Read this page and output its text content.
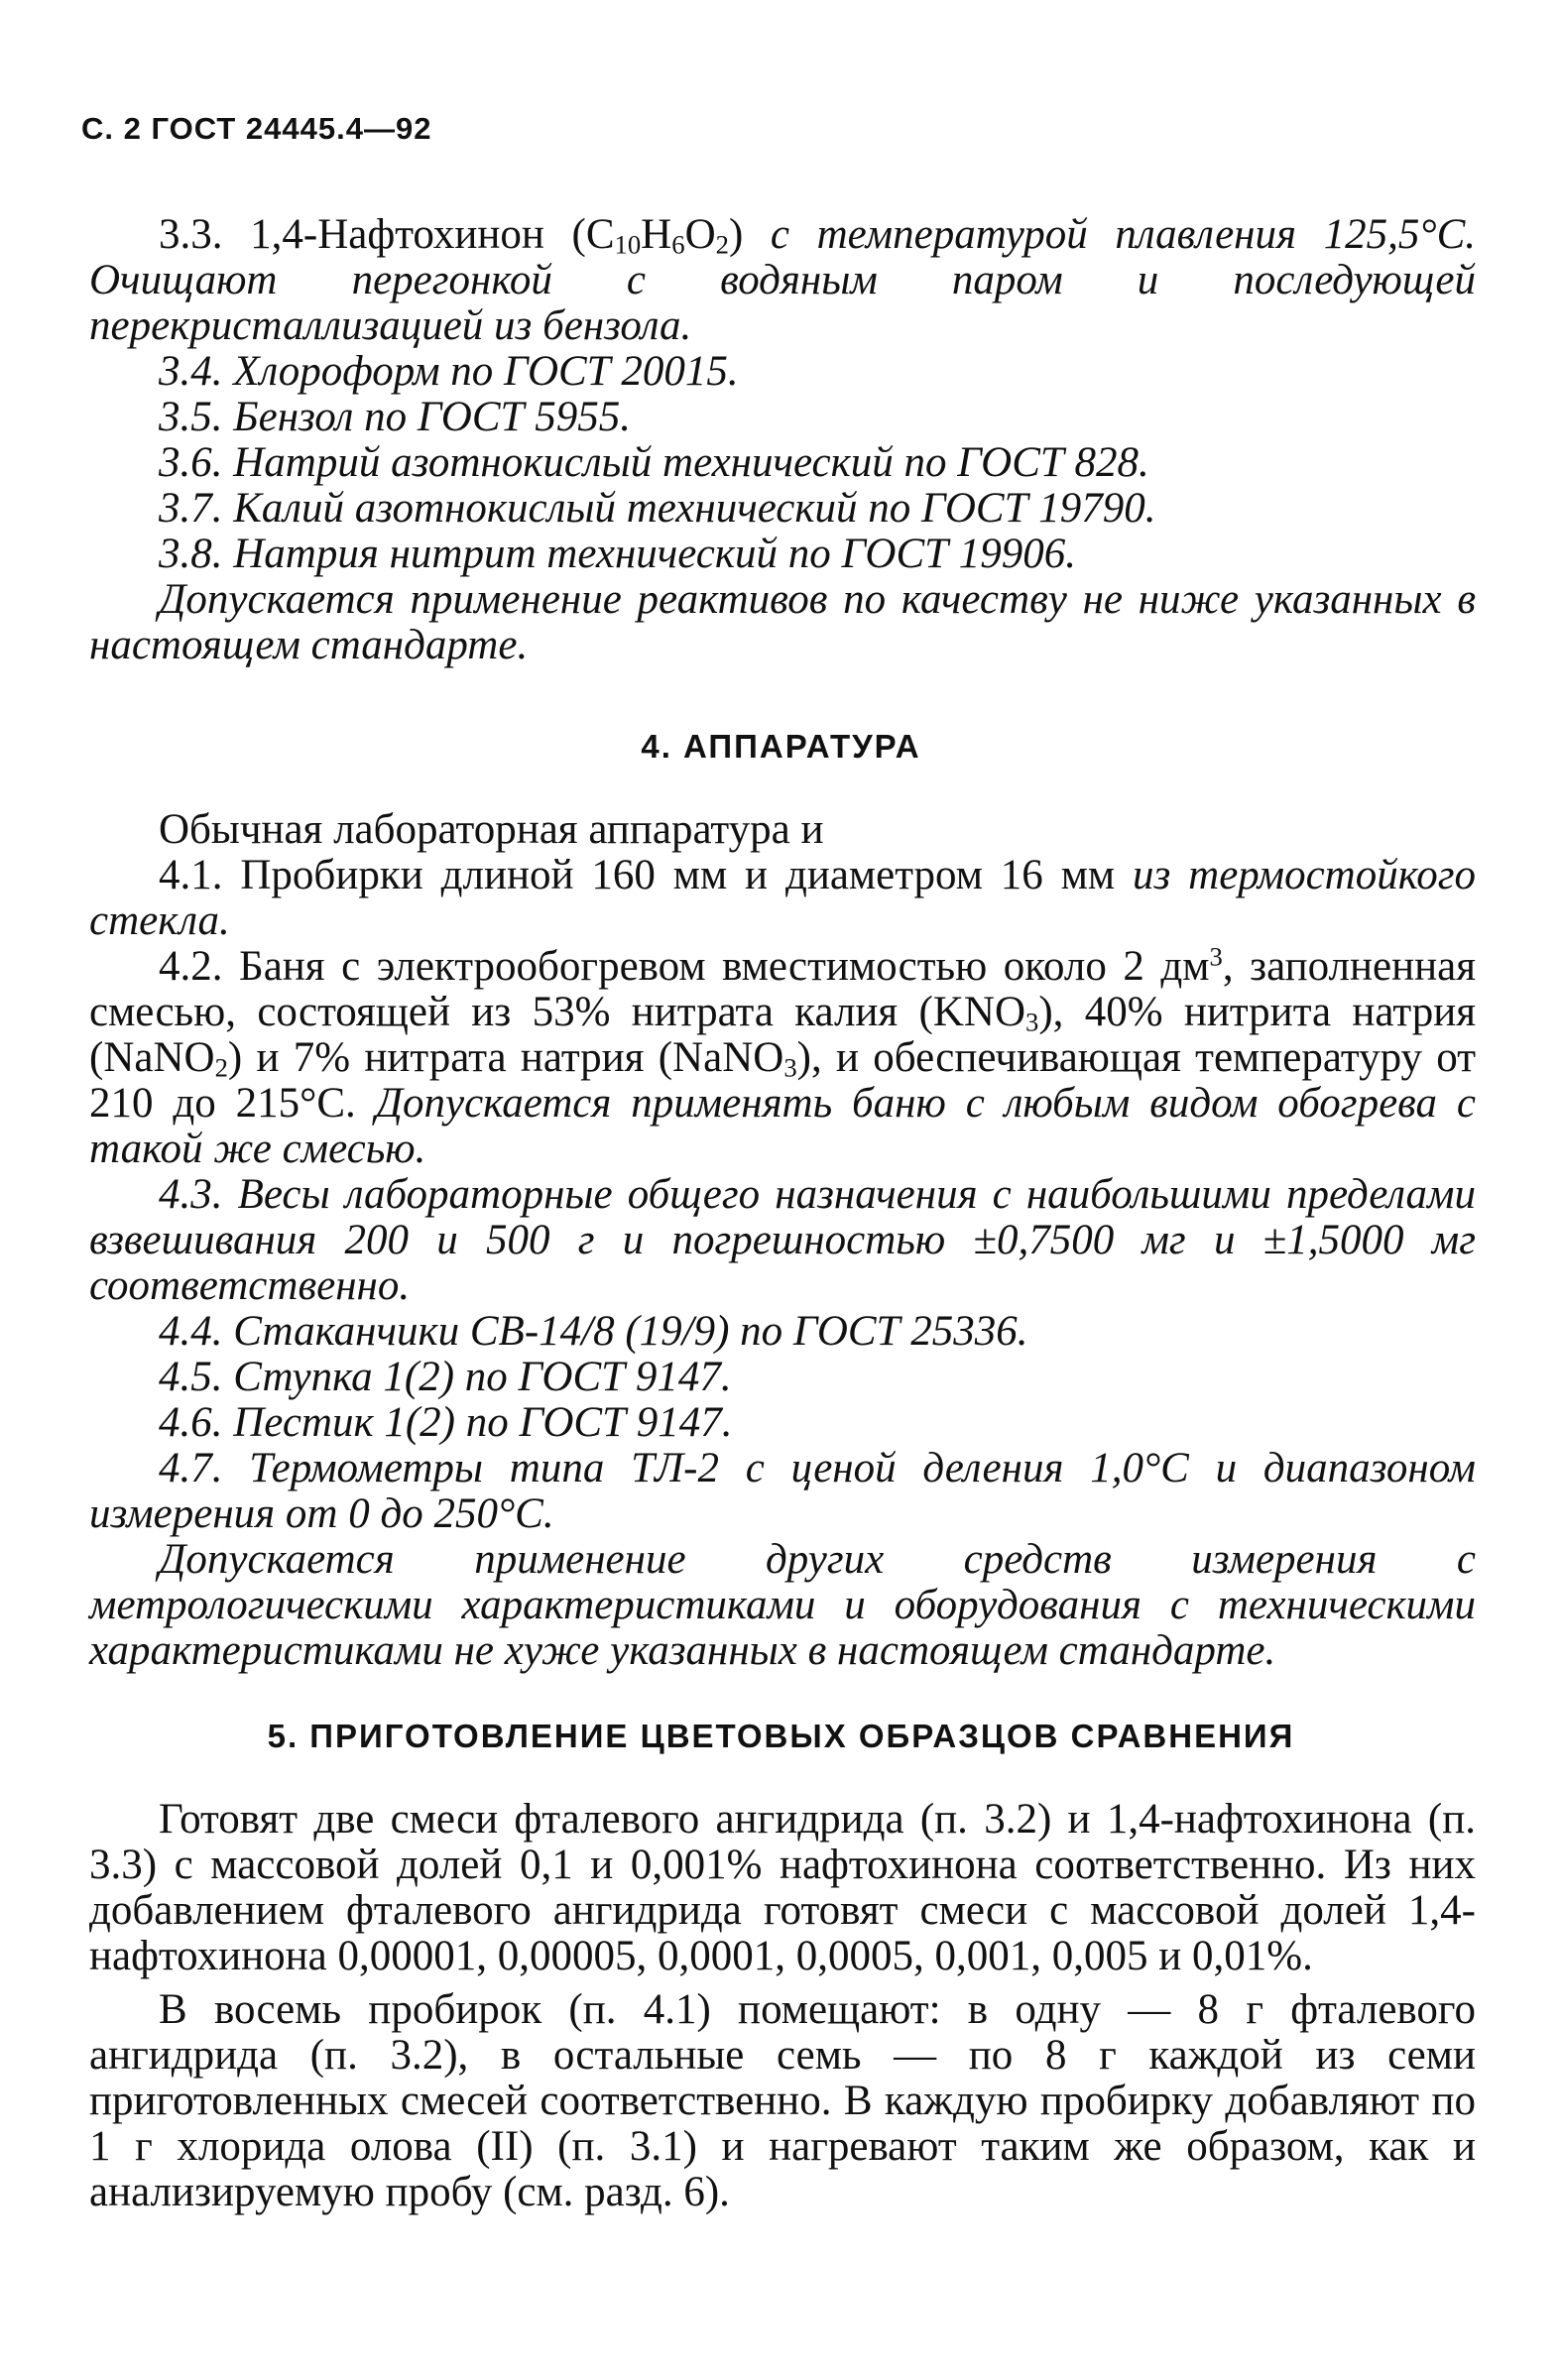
С. 2 ГОСТ 24445.4—92

3.3. 1,4-Нафтохинон $(C_{10}H_6O_2)$ с температурой плавления 125,5°С. Очищают перегонкой с водяным паром и последующей перекристаллизацией из бензола.

3.4. Хлороформ по ГОСТ 20015.

3.5. Бензол по ГОСТ 5955.

3.6. Натрий азотнокислый технический по ГОСТ 828.

3.7. Калий азотнокислый технический по ГОСТ 19790.

3.8. Натрия нитрит технический по ГОСТ 19906.

Допускается применение реактивов по качеству не ниже указанных в настоящем стандарте.

4. АППАРАТУРА

Обычная лабораторная аппаратура и

4.1. Пробирки длиной 160 мм и диаметром 16 мм из термостойкого стекла.

4.2. Баня с электрообогревом вместимостью около 2 $дм^3$, заполненная смесью, состоящей из 53% нитрата калия $(KNO_3)$, 40% нитрита натрия (NaNO$_2$) и 7% нитрата натрия (NaNO$_3$), и обеспечивающая температуру от 210 до 215°С. Допускается применять баню с любым видом обогрева с такой же смесью.

4.3. Весы лабораторные общего назначения с наибольшими пределами взвешивания 200 и 500 г и погрешностью ±0,7500 мг и ±1,5000 мг соответственно.

4.4. Стаканчики СВ-14/8 (19/9) по ГОСТ 25336.

4.5. Ступка 1(2) по ГОСТ 9147.

4.6. Пестик 1(2) по ГОСТ 9147.

4.7. Термометры типа ТЛ-2 с ценой деления 1,0°С и диапазоном измерения от 0 до 250°С.

Допускается применение других средств измерения с метрологическими характеристиками и оборудования с техническими характеристиками не хуже указанных в настоящем стандарте.

5. ПРИГОТОВЛЕНИЕ ЦВЕТОВЫХ ОБРАЗЦОВ СРАВНЕНИЯ

Готовят две смеси фталевого ангидрида (п. 3.2) и 1,4-нафтохинона (п. 3.3) с массовой долей 0,1 и 0,001% нафтохинона соответственно. Из них добавлением фталевого ангидрида готовят смеси с массовой долей 1,4-нафтохинона 0,00001, 0,00005, 0,0001, 0,0005, 0,001, 0,005 и 0,01%.

В восемь пробирок (п. 4.1) помещают: в одну — 8 г фталевого ангидрида (п. 3.2), в остальные семь — по 8 г каждой из семи приготовленных смесей соответственно. В каждую пробирку добавляют по 1 г хлорида олова (II) (п. 3.1) и нагревают таким же образом, как и анализируемую пробу (см. разд. 6).
